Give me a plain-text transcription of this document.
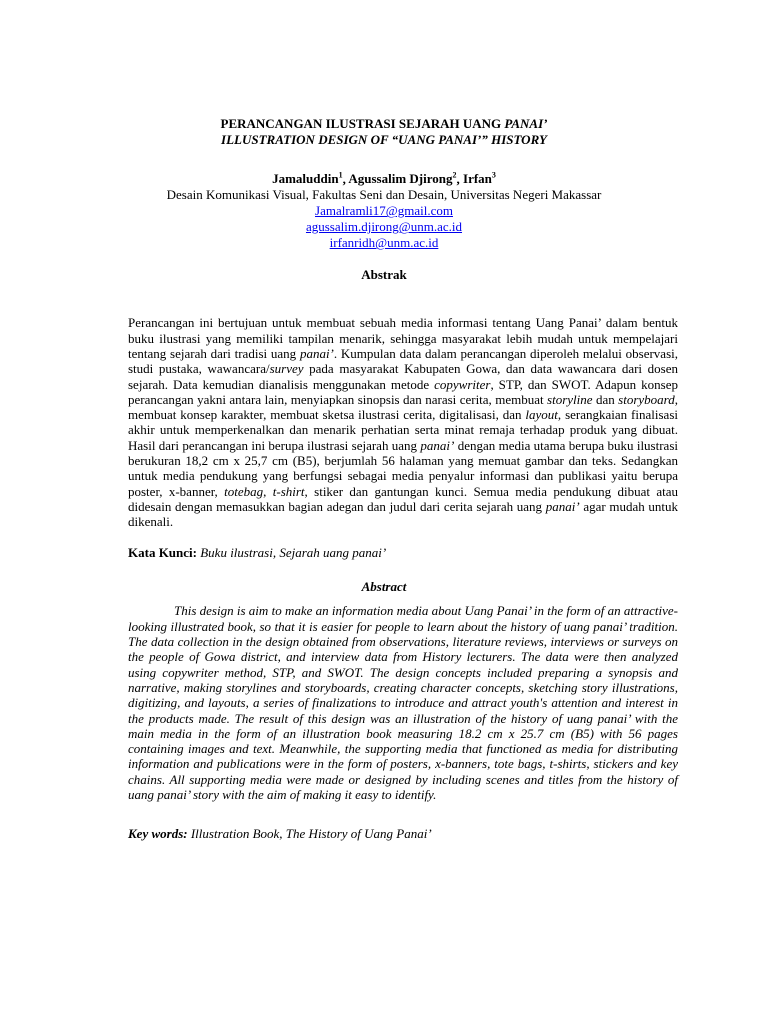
PERANCANGAN ILUSTRASI SEJARAH UANG PANAI’

ILLUSTRATION DESIGN OF “UANG PANAI’” HISTORY

Jamaluddin$^1$, Agussalim Djirong$^2$, Irfan$^3$
Desain Komunikasi Visual, Fakultas Seni dan Desain, Universitas Negeri Makassar
Jamalramli17@gmail.com
agussalim.djirong@unm.ac.id
irfanridh@unm.ac.id
Abstrak
Perancangan ini bertujuan untuk membuat sebuah media informasi tentang Uang Panai’ dalam bentuk buku ilustrasi yang memiliki tampilan menarik, sehingga masyarakat lebih mudah untuk mempelajari tentang sejarah dari tradisi uang panai’. Kumpulan data dalam perancangan diperoleh melalui observasi, studi pustaka, wawancara/survey pada masyarakat Kabupaten Gowa, dan data wawancara dari dosen sejarah. Data kemudian dianalisis menggunakan metode copywriter, STP, dan SWOT. Adapun konsep perancangan yakni antara lain, menyiapkan sinopsis dan narasi cerita, membuat storyline dan storyboard, membuat konsep karakter, membuat sketsa ilustrasi cerita, digitalisasi, dan layout, serangkaian finalisasi akhir untuk memperkenalkan dan menarik perhatian serta minat remaja terhadap produk yang dibuat. Hasil dari perancangan ini berupa ilustrasi sejarah uang panai’ dengan media utama berupa buku ilustrasi berukuran 18,2 cm x 25,7 cm (B5), berjumlah 56 halaman yang memuat gambar dan teks. Sedangkan untuk media pendukung yang berfungsi sebagai media penyalur informasi dan publikasi yaitu berupa poster, x-banner, totebag, t-shirt, stiker dan gantungan kunci. Semua media pendukung dibuat atau didesain dengan memasukkan bagian adegan dan judul dari cerita sejarah uang panai’ agar mudah untuk dikenali.
Kata Kunci: Buku ilustrasi, Sejarah uang panai’
Abstract
This design is aim to make an information media about Uang Panai’ in the form of an attractive-looking illustrated book, so that it is easier for people to learn about the history of uang panai’ tradition. The data collection in the design obtained from observations, literature reviews, interviews or surveys on the people of Gowa district, and interview data from History lecturers. The data were then analyzed using copywriter method, STP, and SWOT. The design concepts included preparing a synopsis and narrative, making storylines and storyboards, creating character concepts, sketching story illustrations, digitizing, and layouts, a series of finalizations to introduce and attract youth's attention and interest in the products made. The result of this design was an illustration of the history of uang panai’ with the main media in the form of an illustration book measuring 18.2 cm x 25.7 cm (B5) with 56 pages containing images and text. Meanwhile, the supporting media that functioned as media for distributing information and publications were in the form of posters, x-banners, tote bags, t-shirts, stickers and key chains. All supporting media were made or designed by including scenes and titles from the history of uang panai’ story with the aim of making it easy to identify.
Key words: Illustration Book, The History of Uang Panai’
